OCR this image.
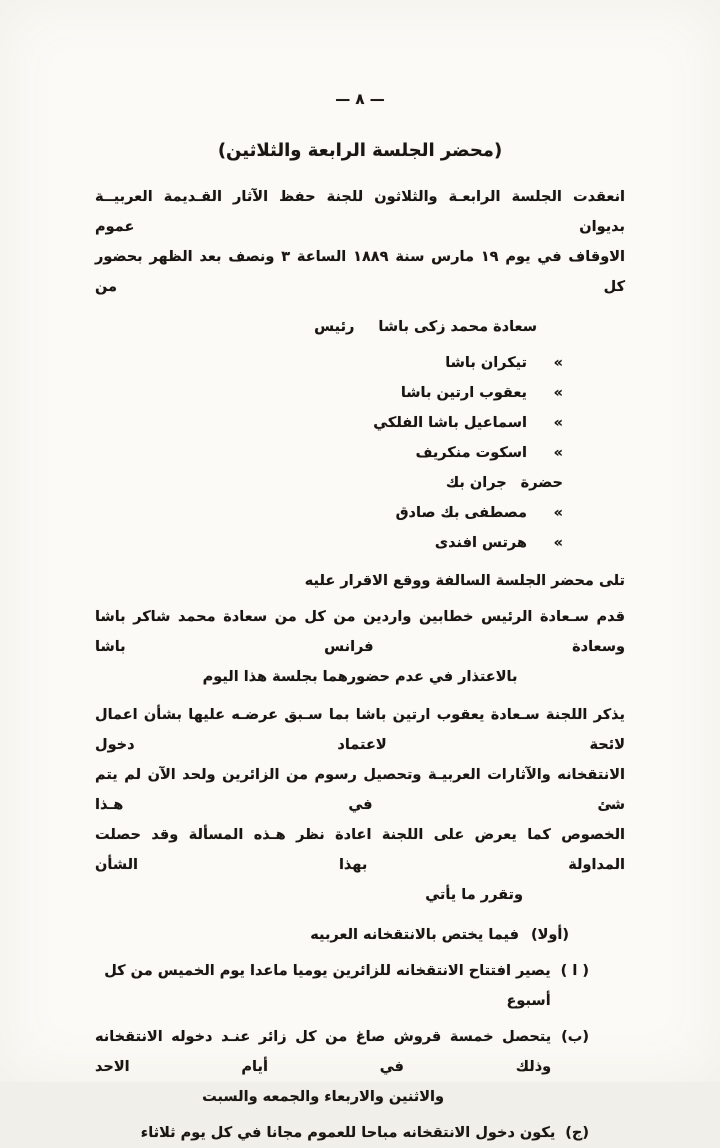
— ٨ —
(محضر الجلسة الرابعة والثلاثين)
انعقدت الجلسة الرابعـة والثلاثون للجنة حفظ الآثار القـديمة العربيــة بديوان عموم
الاوقاف في يوم ١٩ مارس سنة ١٨٨٩ الساعة ٣ ونصف بعد الظهر بحضور كل من
سعادة محمد زكى باشارئيس
«تيكران باشا
«يعقوب ارتين باشا
«اسماعيل باشا الفلكي
«اسكوت منكريف
حضرةجران بك
«مصطفى بك صادق
«هرتس افندى
تلى محضر الجلسة السالفة ووقع الاقرار عليه
قدم سـعادة الرئيس خطابين واردين من كل من سعادة محمد شاكر باشا وسعادة فرانس باشا
بالاعتذار في عدم حضورهما بجلسة هذا اليوم
يذكر اللجنة سـعادة يعقوب ارتين باشا بما سـبق عرضـه عليها بشأن اعمال لائحة لاعتماد دخول
الانتقخانه والآثارات العربيـة وتحصيل رسوم من الزائرين ولحد الآن لم يتم شئ في هـذا
الخصوص كما يعرض على اللجنة اعادة نظر هـذه المسألة وقد حصلت المداولة بهذا الشأن
وتقرر ما يأتي
(أولا)فيما يختص بالانتقخانه العربيه
( ا )
يصير افتتاح الانتقخانه للزائرين يوميا ماعدا يوم الخميس من كل أسبوع
(ب)
يتحصل خمسة قروش صاغ من كل زائر عنـد دخوله الانتقخانه وذلك في أيام الاحد
والاثنين والاربعاء والجمعه والسبت
(ج)
يكون دخول الانتقخانه مباحا للعموم مجانا في كل يوم ثلاثاء
